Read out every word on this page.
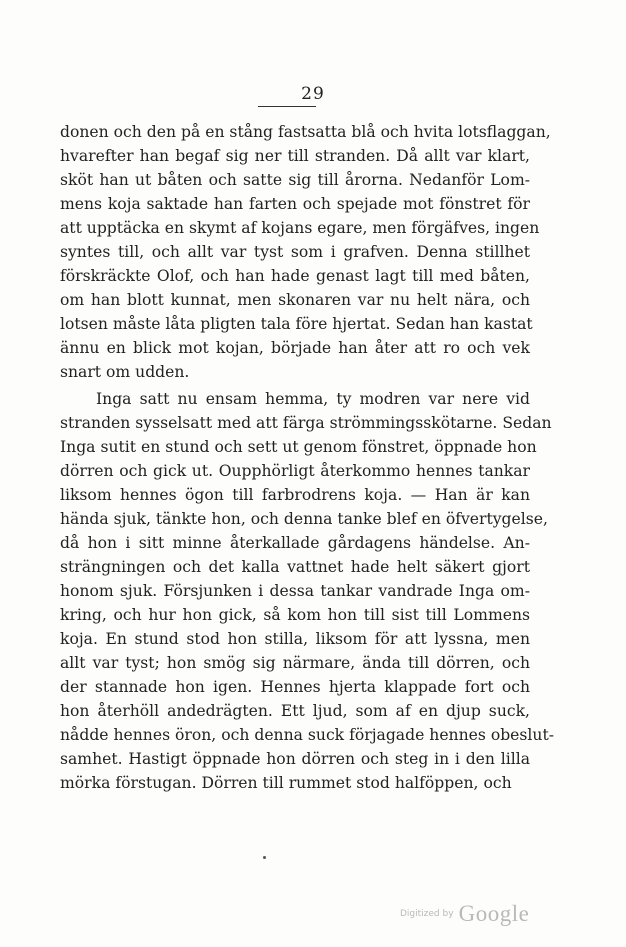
29
donen och den på en stång fastsatta blå och hvita lotsflaggan,
hvarefter han begaf sig ner till stranden. Då allt var klart,
sköt han ut båten och satte sig till årorna. Nedanför Lom-
mens koja saktade han farten och spejade mot fönstret för
att upptäcka en skymt af kojans egare, men förgäfves, ingen
syntes till, och allt var tyst som i grafven. Denna stillhet
förskräckte Olof, och han hade genast lagt till med båten,
om han blott kunnat, men skonaren var nu helt nära, och
lotsen måste låta pligten tala före hjertat. Sedan han kastat
ännu en blick mot kojan, började han åter att ro och vek
snart om udden.
Inga satt nu ensam hemma, ty modren var nere vid
stranden sysselsatt med att färga strömmingsskötarne. Sedan
Inga sutit en stund och sett ut genom fönstret, öppnade hon
dörren och gick ut. Oupphörligt återkommo hennes tankar
liksom hennes ögon till farbrodrens koja. — Han är kan
hända sjuk, tänkte hon, och denna tanke blef en öfvertygelse,
då hon i sitt minne återkallade gårdagens händelse. An-
strängningen och det kalla vattnet hade helt säkert gjort
honom sjuk. Försjunken i dessa tankar vandrade Inga om-
kring, och hur hon gick, så kom hon till sist till Lommens
koja. En stund stod hon stilla, liksom för att lyssna, men
allt var tyst; hon smög sig närmare, ända till dörren, och
der stannade hon igen. Hennes hjerta klappade fort och
hon återhöll andedrägten. Ett ljud, som af en djup suck,
nådde hennes öron, och denna suck förjagade hennes obeslut-
samhet. Hastigt öppnade hon dörren och steg in i den lilla
mörka förstugan. Dörren till rummet stod halföppen, och
Digitized by Google
